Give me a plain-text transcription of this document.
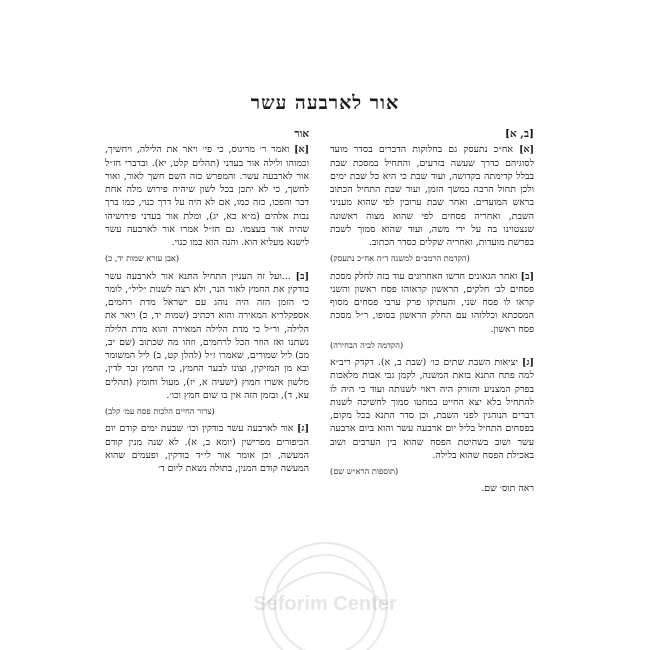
אור לארבעה עשר
[ב, א]
[א] אח״כ נתעסק גם בחלוקות הדברים בסדר מועד לסוגיהם כדרך שעשה בזרעים, והתחיל במסכת שבת בבלל קדימתה בקדושה, ועוד שבת כי היא כל שבת ימים ולכן תחול הרבה במשך הזמן, ועוד שבת התחיל הכתוב בראש המועדים. ואחר שבת ערובין לפי שהוא מעניני השבת, ואחריה פסחים לפי שהוא מצוה ראשונה שנצטוינו בה על ידי משה, ועוד שהוא סמוך לשבת בפרשת מועדות, ואחריה שקלים כסדר הכתוב.
(הקדמת הרמב״ם למשנה ד״ה אח״כ נתעסק)
[ב] ואחר הגאונים חדשו האחרונים עוד בזה לחלק מסכת פסחים לב׳ חלקים, הראשון קראוהו פסח ראשון והשני קראו לו פסח שני, והעתיקו פרק ערבי פסחים מסוף המסכתא וכללוהו עם החלק הראשון בסופו, ר״ל מסכת פסח ראשון.
(הקדמה לביה הבחירה)
[ג] יציאות השבת שתים כו׳ (שבת ב, א). דקדק ריב״א למה פתח התנא בזאת המשנה, לקמן גבי אבות מלאכות בפרק המצניע והזורק היה ראוי לשנותה ועוד כי היה לו להתחיל בלא יצא החייט במחטו סמוך לחשיכה לשנות דברים הנוהגין לפני השבת, וכן סדר התנא בכל מקום, בפסחים התחיל בליל יום ארבעה עשר והוא ביום ארבעה עשר ושוב בשחיטת הפסח שהוא בין הערבים ושוב באכילת הפסח שהוא בלילה.
(תוספות הרא״ש שם)
ראה תוס׳ שם.
אור
[א] ואמר ר׳ מריגוס, כי פי׳ ויאר את הלילה, ויחשיך, וכמוהו ולילה אור בעדני (תהלים קלט, יא). ובדברי חז״ל אור לארבעה עשר. והמפרש כזה השם חשך לאור, ואור לחשך, כי לא יתכן בכל לשון שיהיה פירוש מלה אחת דבר והפכו, כזה כמו, אם לא היה על דרך כנוי, כמו ברך נבות אלהים (מ״א כא, יג), ומלת אור בעדני פירושיהו שהיה אור בעצמו. גם חז״ל אמרו אור לארבעה עשר לישנא מעליא הוא. והנה הוא כמו כנוי.
(אבן עזרא שמות יד, כ)
[ב] ...ועל זה העניין התחיל התנא אור לארבעה עשר בודקין את החמץ לאור הנר, ולא רצה לשנות ״ליל״, לומר כי הזמן הזה היה נוהג עם ישראל מדת רחמים, אספקלריא המאירה והוא דכתיב (שמות יד, כ) ויאר את הלילה, ור״ל כי מדת הלילה המאירה והוא מדת הלילה נשתנו ואז הוזר הכל לרחמים, וזהו מה שכתוב (שם יב, מב) ליל שמורים, שאמרו ז״ל (להלן קט, ב) ליל המשומר ובא מן המזיקין, וצונו לבער החמץ, כי החמץ זכר לדין, מלשון אשרו חמוץ (ישעיה א, יז), מעול וחומץ (תהלים עא, ד), ובזמן הזה אין בו שום חמץ וכו׳.
(צרור החיים הלכות פסח עמ׳ קלב)
[ג] אור לארבעה עשר בודקין וכו׳ שבעת ימים קודם יום הכיפורים מפרישין (יומא ב, א). לא שנה מנין קודם המעשה, וכן אומר אור לי״ד בודקין, ופעמים שהוא המעשה קודם המנין, בתולה נשאת ליום ד׳
Seforim Center
